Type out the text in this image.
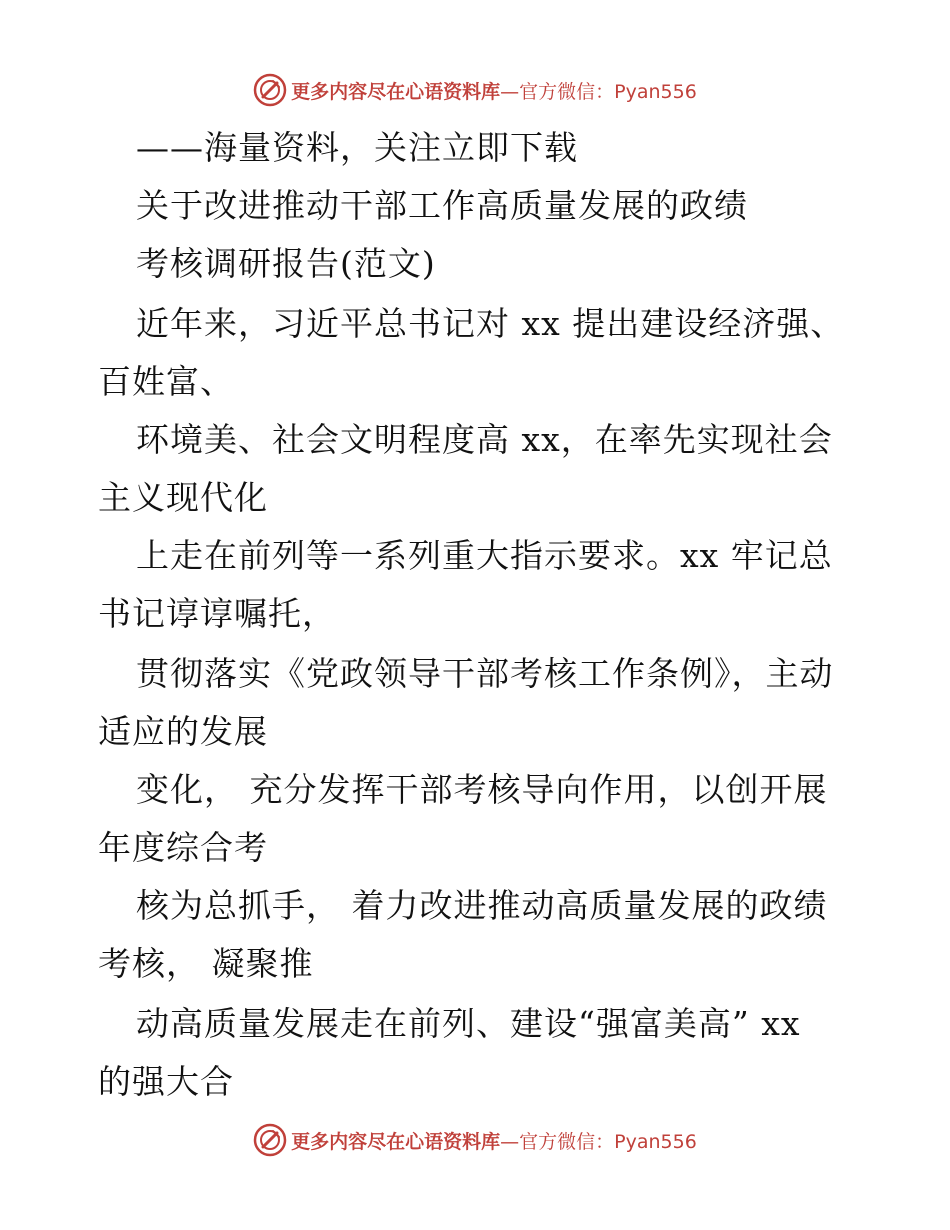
更多内容尽在心语资料库 —官方微信：Pyan556
——海量资料，关注立即下载
关于改进推动干部工作高质量发展的政绩
考核调研报告(范文)
近年来，习近平总书记对 xx 提出建设经济强、
百姓富、
环境美、社会文明程度高 xx，在率先实现社会
主义现代化
上走在前列等一系列重大指示要求。xx 牢记总
书记谆谆嘱托，
贯彻落实《党政领导干部考核工作条例》，主动
适应的发展
变化， 充分发挥干部考核导向作用，以创开展
年度综合考
核为总抓手， 着力改进推动高质量发展的政绩
考核， 凝聚推
动高质量发展走在前列、建设“强富美高” xx
的强大合
更多内容尽在心语资料库 —官方微信：Pyan556
